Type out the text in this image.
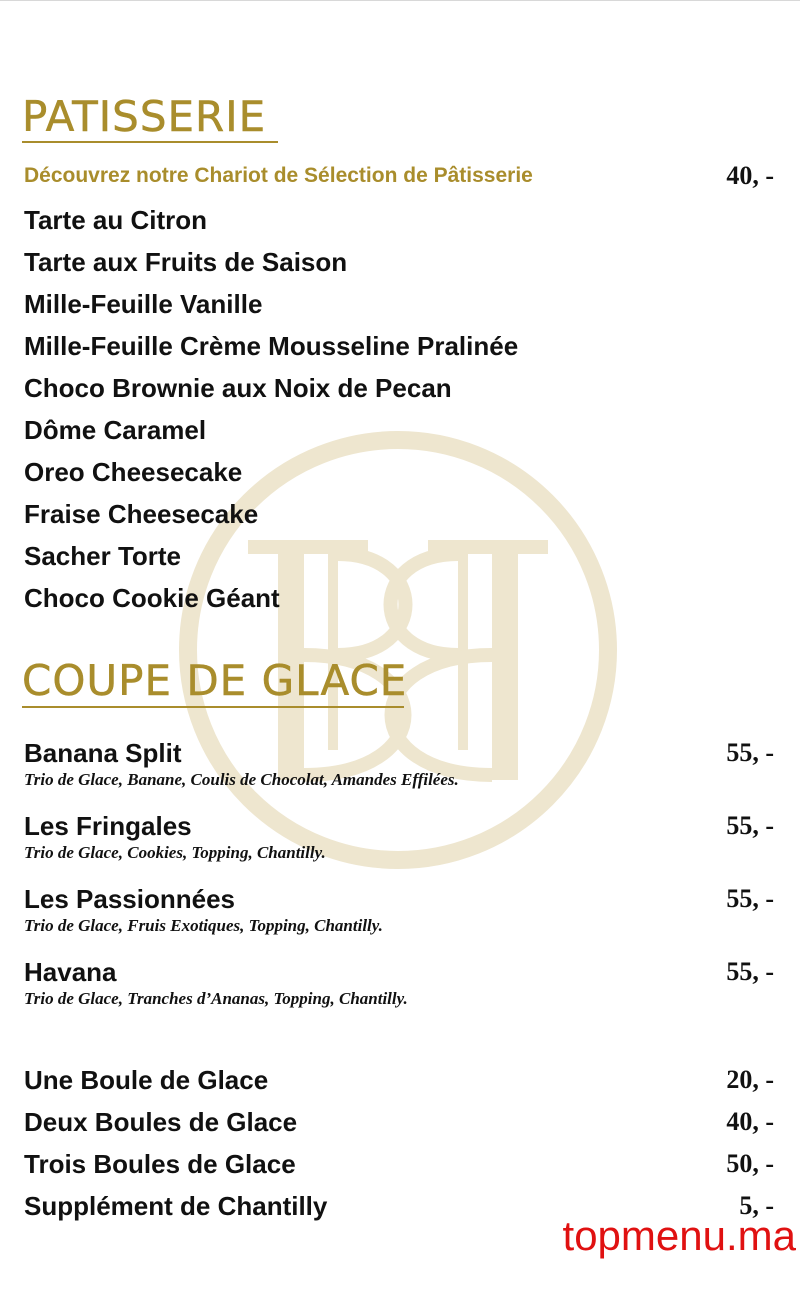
PATISSERIE
Découvrez notre Chariot de Sélection de Pâtisserie	40, -
Tarte au Citron
Tarte aux Fruits de Saison
Mille-Feuille Vanille
Mille-Feuille Crème Mousseline Pralinée
Choco Brownie aux Noix de Pecan
Dôme Caramel
Oreo Cheesecake
Fraise Cheesecake
Sacher Torte
Choco Cookie Géant
COUPE DE GLACE
Banana Split	55, -
Trio de Glace, Banane, Coulis de Chocolat, Amandes Effilées.
Les Fringales	55, -
Trio de Glace, Cookies, Topping, Chantilly.
Les Passionnées	55, -
Trio de Glace, Fruis Exotiques, Topping, Chantilly.
Havana	55, -
Trio de Glace, Tranches d’Ananas, Topping, Chantilly.
Une Boule de Glace	20, -
Deux Boules de Glace	40, -
Trois Boules de Glace	50, -
Supplément de Chantilly	5, -
topmenu.ma
